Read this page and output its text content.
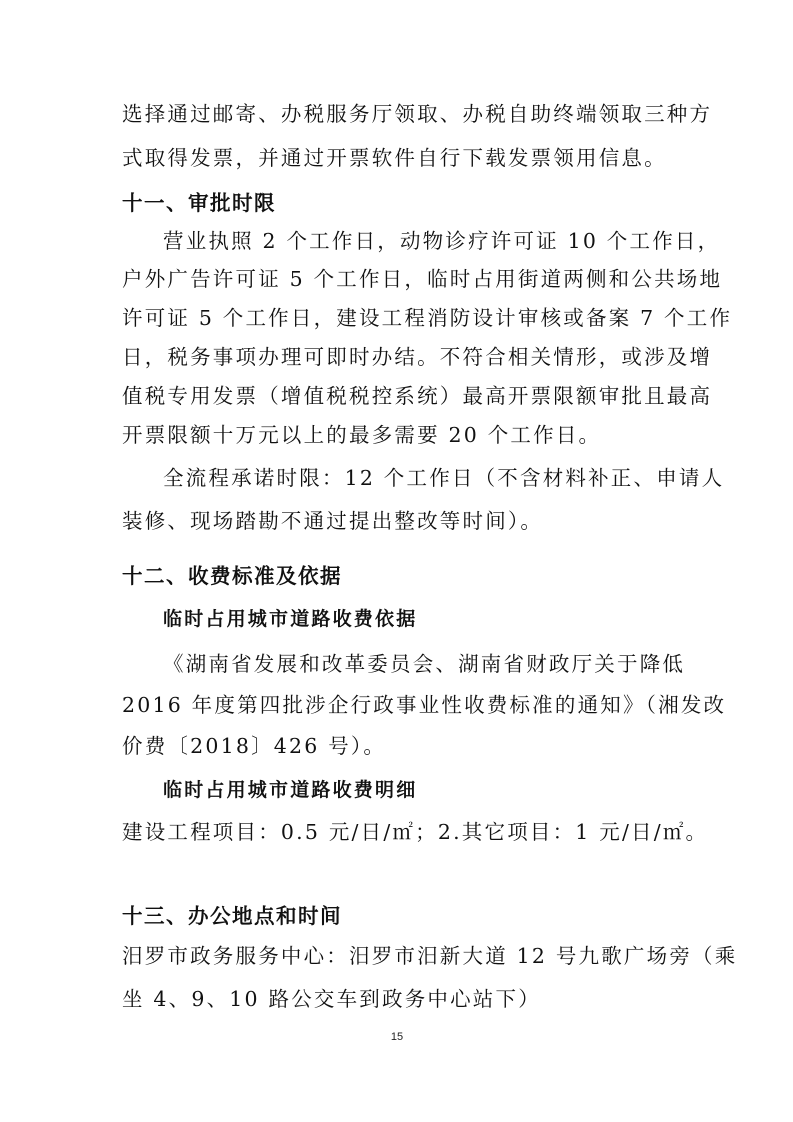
选择通过邮寄、办税服务厅领取、办税自助终端领取三种方
式取得发票，并通过开票软件自行下载发票领用信息。
十一、审批时限
营业执照 2 个工作日，动物诊疗许可证 10 个工作日，
户外广告许可证 5 个工作日，临时占用街道两侧和公共场地
许可证 5 个工作日，建设工程消防设计审核或备案 7 个工作
日，税务事项办理可即时办结。不符合相关情形，或涉及增
值税专用发票（增值税税控系统）最高开票限额审批且最高
开票限额十万元以上的最多需要 20 个工作日。
全流程承诺时限：12 个工作日（不含材料补正、申请人
装修、现场踏勘不通过提出整改等时间）。
十二、收费标准及依据
临时占用城市道路收费依据
《湖南省发展和改革委员会、湖南省财政厅关于降低
2016 年度第四批涉企行政事业性收费标准的通知》（湘发改
价费〔2018〕426 号）。
临时占用城市道路收费明细
建设工程项目：0.5 元/日/㎡；2.其它项目：1 元/日/㎡。
十三、办公地点和时间
汨罗市政务服务中心：汨罗市汨新大道 12 号九歌广场旁（乘
坐 4、9、10 路公交车到政务中心站下）
15
